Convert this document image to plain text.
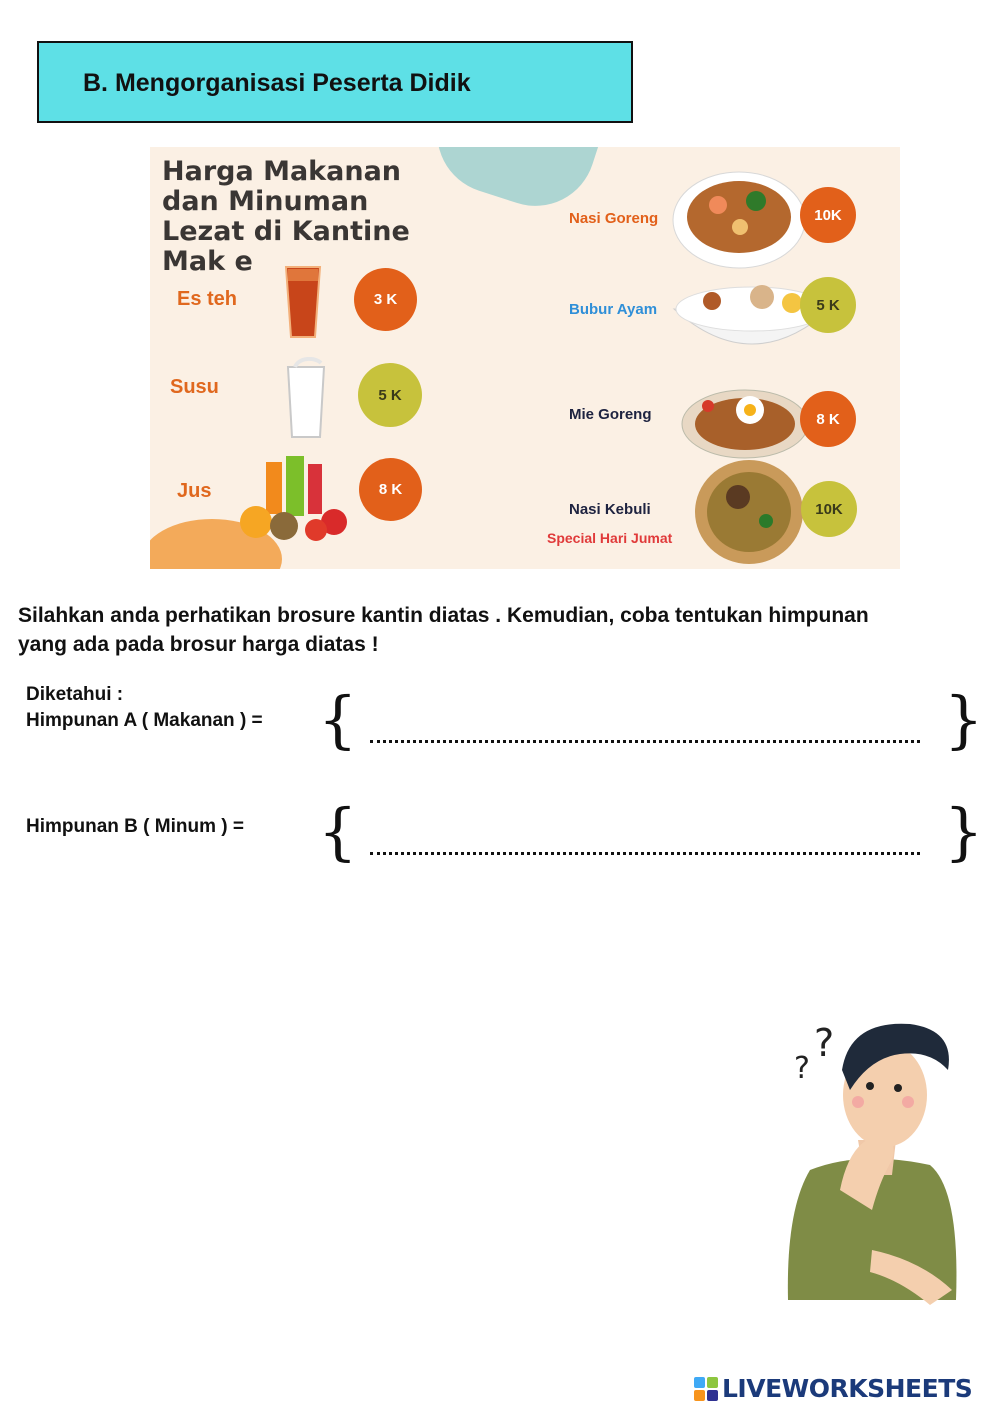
B. Mengorganisasi Peserta Didik
Harga Makanan
dan Minuman
Lezat di Kantine
Mak e
Es teh	3 K
Susu	5 K
Jus	8 K
Nasi Goreng	10K
Bubur Ayam	5 K
Mie Goreng	8 K
Nasi Kebuli	10K
Special Hari Jumat
Silahkan anda perhatikan brosure kantin diatas . Kemudian, coba tentukan himpunan yang ada pada brosur harga diatas !
Diketahui :
Himpunan A ( Makanan ) = {	}
Himpunan B ( Minum ) = {	}
?
?
LIVEWORKSHEETS
